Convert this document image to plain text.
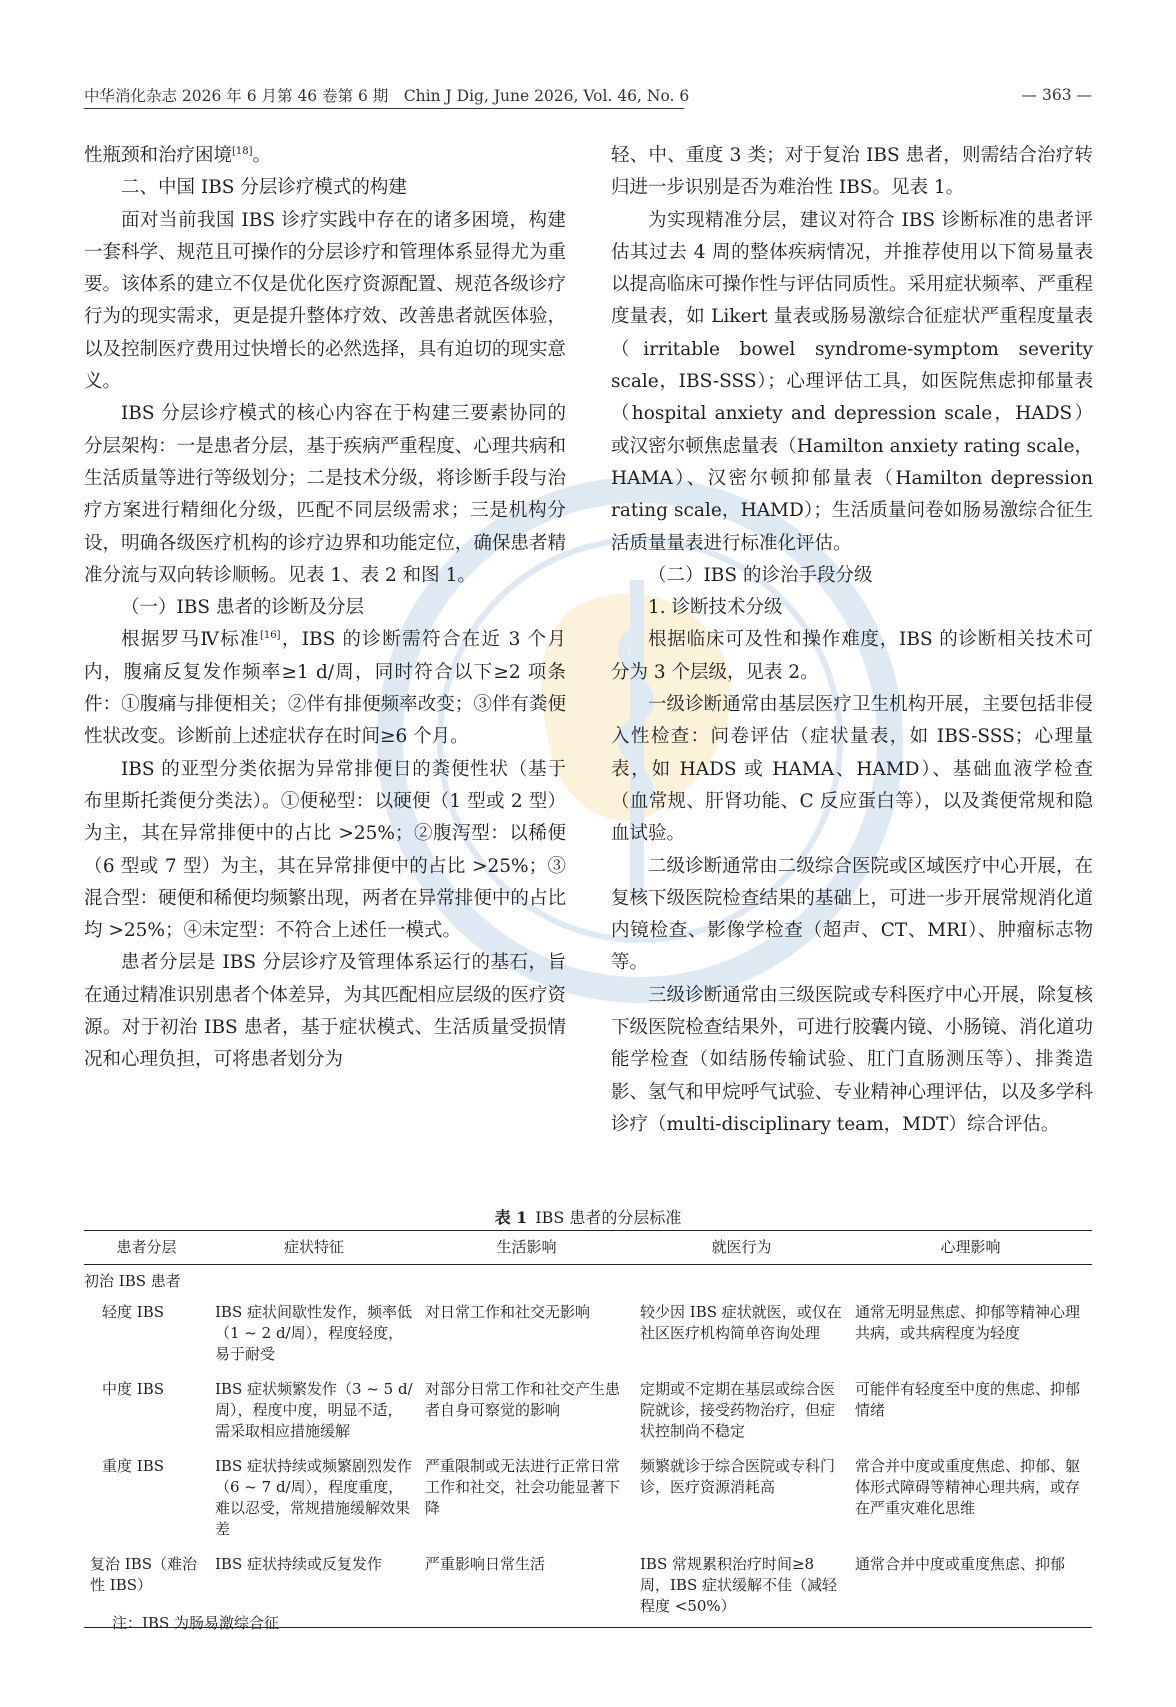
中华消化杂志 2026 年 6 月第 46 卷第 6 期　Chin J Dig, June 2026, Vol. 46, No. 6	— 363 —

性瓶颈和治疗困境[18]。

二、中国 IBS 分层诊疗模式的构建

面对当前我国 IBS 诊疗实践中存在的诸多困境，构建一套科学、规范且可操作的分层诊疗和管理体系显得尤为重要。该体系的建立不仅是优化医疗资源配置、规范各级诊疗行为的现实需求，更是提升整体疗效、改善患者就医体验，以及控制医疗费用过快增长的必然选择，具有迫切的现实意义。

IBS 分层诊疗模式的核心内容在于构建三要素协同的分层架构：一是患者分层，基于疾病严重程度、心理共病和生活质量等进行等级划分；二是技术分级，将诊断手段与治疗方案进行精细化分级，匹配不同层级需求；三是机构分设，明确各级医疗机构的诊疗边界和功能定位，确保患者精准分流与双向转诊顺畅。见表 1、表 2 和图 1。

（一）IBS 患者的诊断及分层

根据罗马Ⅳ标准[16]，IBS 的诊断需符合在近 3 个月内，腹痛反复发作频率≥1 d/周，同时符合以下≥2 项条件：①腹痛与排便相关；②伴有排便频率改变；③伴有粪便性状改变。诊断前上述症状存在时间≥6 个月。

IBS 的亚型分类依据为异常排便日的粪便性状（基于布里斯托粪便分类法）。①便秘型：以硬便（1 型或 2 型）为主，其在异常排便中的占比 >25%；②腹泻型：以稀便（6 型或 7 型）为主，其在异常排便中的占比 >25%；③混合型：硬便和稀便均频繁出现，两者在异常排便中的占比均 >25%；④未定型：不符合上述任一模式。

患者分层是 IBS 分层诊疗及管理体系运行的基石，旨在通过精准识别患者个体差异，为其匹配相应层级的医疗资源。对于初治 IBS 患者，基于症状模式、生活质量受损情况和心理负担，可将患者划分为

轻、中、重度 3 类；对于复治 IBS 患者，则需结合治疗转归进一步识别是否为难治性 IBS。见表 1。

为实现精准分层，建议对符合 IBS 诊断标准的患者评估其过去 4 周的整体疾病情况，并推荐使用以下简易量表以提高临床可操作性与评估同质性。采用症状频率、严重程度量表，如 Likert 量表或肠易激综合征症状严重程度量表（irritable bowel syndrome-symptom severity scale，IBS-SSS）；心理评估工具，如医院焦虑抑郁量表（hospital anxiety and depression scale，HADS）或汉密尔顿焦虑量表（Hamilton anxiety rating scale，HAMA）、汉密尔顿抑郁量表（Hamilton depression rating scale，HAMD）；生活质量问卷如肠易激综合征生活质量量表进行标准化评估。

（二）IBS 的诊治手段分级

1. 诊断技术分级

根据临床可及性和操作难度，IBS 的诊断相关技术可分为 3 个层级，见表 2。

一级诊断通常由基层医疗卫生机构开展，主要包括非侵入性检查：问卷评估（症状量表，如 IBS-SSS；心理量表，如 HADS 或 HAMA、HAMD）、基础血液学检查（血常规、肝肾功能、C 反应蛋白等），以及粪便常规和隐血试验。

二级诊断通常由二级综合医院或区域医疗中心开展，在复核下级医院检查结果的基础上，可进一步开展常规消化道内镜检查、影像学检查（超声、CT、MRI）、肿瘤标志物等。

三级诊断通常由三级医院或专科医疗中心开展，除复核下级医院检查结果外，可进行胶囊内镜、小肠镜、消化道功能学检查（如结肠传输试验、肛门直肠测压等）、排粪造影、氢气和甲烷呼气试验、专业精神心理评估，以及多学科诊疗（multi-disciplinary team，MDT）综合评估。

表 1 IBS 患者的分层标准
患者分层	症状特征	生活影响	就医行为	心理影响
初治 IBS 患者				
轻度 IBS	IBS 症状间歇性发作，频率低（1 ~ 2 d/周），程度轻度，易于耐受	对日常工作和社交无影响	较少因 IBS 症状就医，或仅在社区医疗机构简单咨询处理	通常无明显焦虑、抑郁等精神心理共病，或共病程度为轻度
中度 IBS	IBS 症状频繁发作（3 ~ 5 d/周），程度中度，明显不适，需采取相应措施缓解	对部分日常工作和社交产生患者自身可察觉的影响	定期或不定期在基层或综合医院就诊，接受药物治疗，但症状控制尚不稳定	可能伴有轻度至中度的焦虑、抑郁情绪
重度 IBS	IBS 症状持续或频繁剧烈发作（6 ~ 7 d/周），程度重度，难以忍受，常规措施缓解效果差	严重限制或无法进行正常日常工作和社交，社会功能显著下降	频繁就诊于综合医院或专科门诊，医疗资源消耗高	常合并中度或重度焦虑、抑郁、躯体形式障碍等精神心理共病，或存在严重灾难化思维
复治 IBS（难治性 IBS）	IBS 症状持续或反复发作	严重影响日常生活	IBS 常规累积治疗时间≥8 周，IBS 症状缓解不佳（减轻程度 <50%）	通常合并中度或重度焦虑、抑郁
注：IBS 为肠易激综合征
